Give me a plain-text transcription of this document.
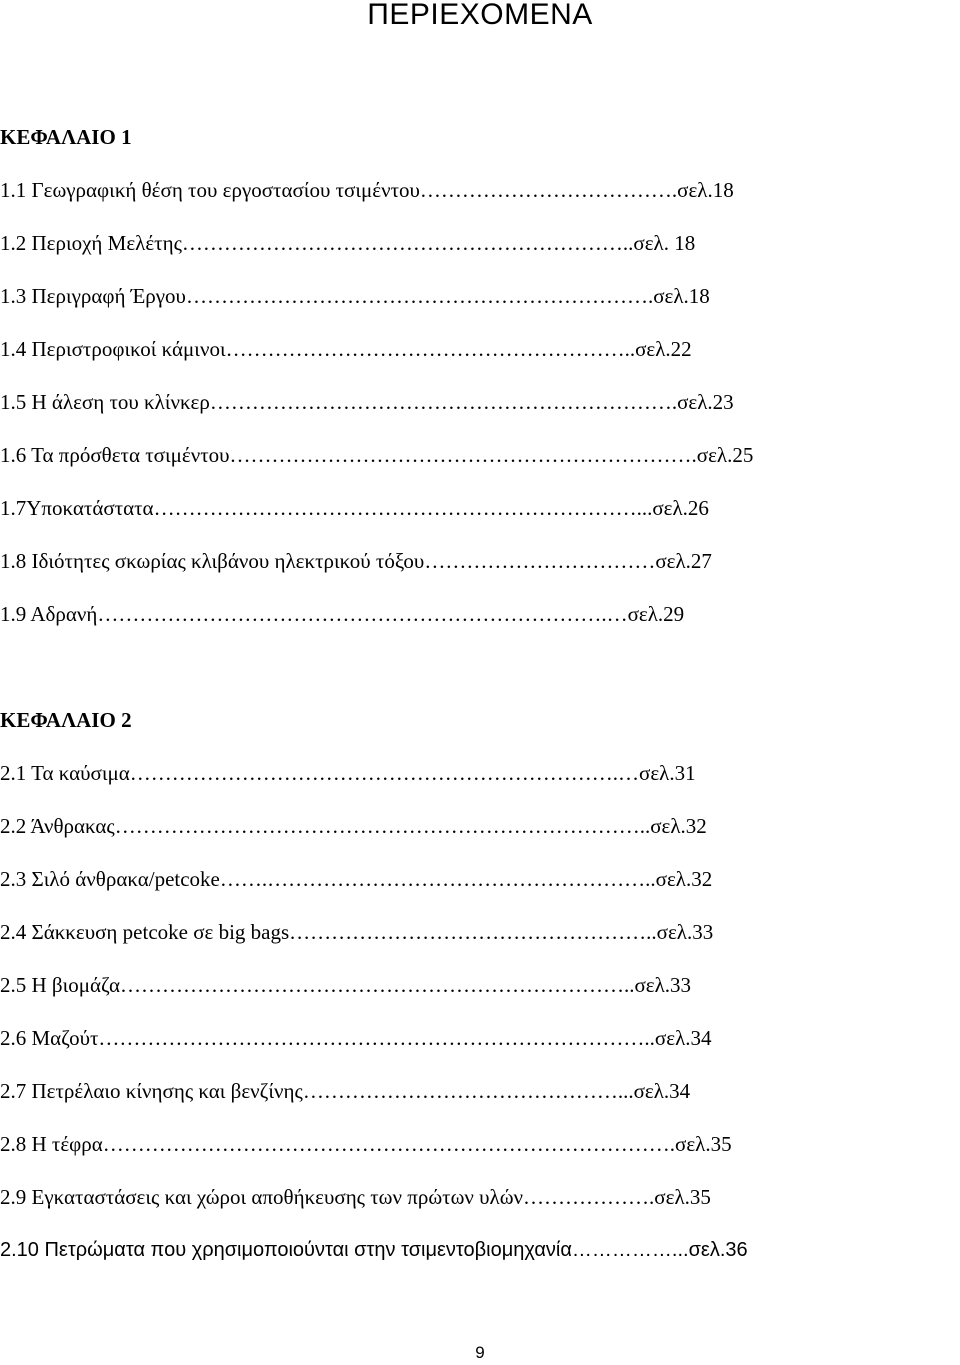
ΠΕΡΙΕΧΟΜΕΝΑ
ΚΕΦΑΛΑΙΟ 1
1.1 Γεωγραφική θέση του εργοστασίου τσιμέντου……………………………….σελ.18
1.2 Περιοχή Μελέτης………………………………………………………..σελ. 18
1.3 Περιγραφή Έργου………………………………………………………….σελ.18
1.4 Περιστροφικοί κάμινοι…………………………………………………..σελ.22
1.5 Η άλεση του κλίνκερ………………………………………………………….σελ.23
1.6 Τα πρόσθετα τσιμέντου………………………………………………………….σελ.25
1.7Υποκατάστατα……………………………………………………………...σελ.26
1.8 Ιδιότητες σκωρίας κλιβάνου ηλεκτρικού τόξου……………………………σελ.27
1.9 Αδρανή……………………………………………………………….…σελ.29
ΚΕΦΑΛΑΙΟ 2
2.1 Τα καύσιμα…………………………………………………………….…σελ.31
2.2 Άνθρακας…………………………………………………………………..σελ.32
2.3 Σιλό άνθρακα/petcoke…….………………………………………………..σελ.32
2.4 Σάκκευση petcoke σε big bags……………………………………………..σελ.33
2.5 Η βιομάζα………………………………………………………………..σελ.33
2.6 Μαζούτ……………………………………………………………………..σελ.34
2.7 Πετρέλαιο κίνησης και βενζίνης………………………………………...σελ.34
2.8 Η τέφρα……………………………………………………………………….σελ.35
2.9 Εγκαταστάσεις και χώροι αποθήκευσης των πρώτων υλών……………….σελ.35
2.10 Πετρώματα που χρησιμοποιούνται στην τσιμεντοβιομηχανία……………...σελ.36
9
